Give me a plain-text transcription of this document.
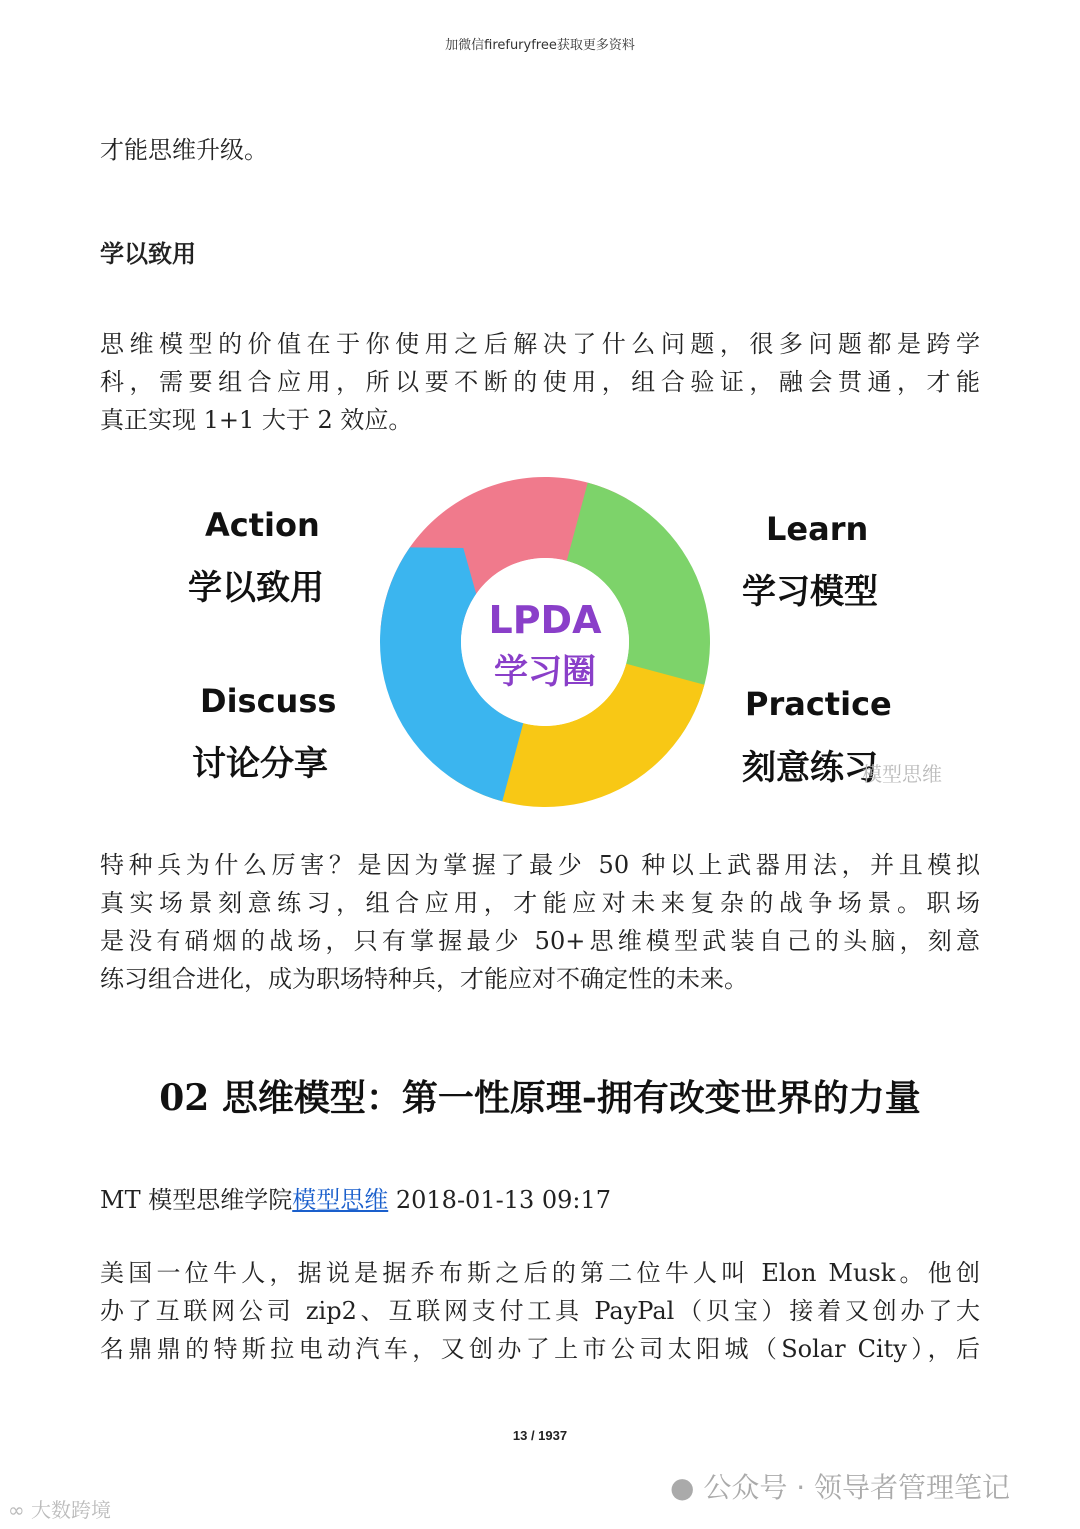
加微信firefuryfree获取更多资料
才能思维升级。
学以致用
思维模型的价值在于你使用之后解决了什么问题，很多问题都是跨学
科，需要组合应用，所以要不断的使用，组合验证，融会贯通，才能
真正实现 1+1 大于 2 效应。
LPDA
学习圈
Action
学以致用
Learn
学习模型
Discuss
讨论分享
Practice
刻意练习
模型思维
特种兵为什么厉害？是因为掌握了最少 50 种以上武器用法，并且模拟
真实场景刻意练习，组合应用，才能应对未来复杂的战争场景。职场
是没有硝烟的战场，只有掌握最少 50+思维模型武装自己的头脑，刻意
练习组合进化，成为职场特种兵，才能应对不确定性的未来。
02 思维模型：第一性原理-拥有改变世界的力量
MT 模型思维学院模型思维 2018-01-13 09:17
美国一位牛人，据说是据乔布斯之后的第二位牛人叫 Elon Musk。他创
办了互联网公司 zip2、互联网支付工具 PayPal（贝宝）接着又创办了大
名鼎鼎的特斯拉电动汽车，又创办了上市公司太阳城（Solar City），后
13 / 1937
● 公众号 · 领导者管理笔记
∞ 大数跨境
